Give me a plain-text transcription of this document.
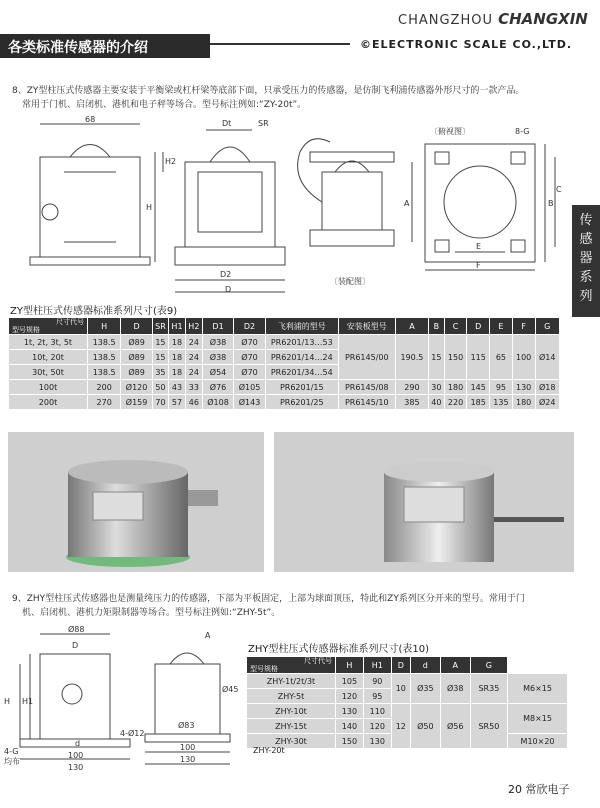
CHANGZHOU CHANGXIN
各类标准传感器的介绍	©ELECTRONIC SCALE CO.,LTD.
传
感
器
系
列
8、ZY型柱压式传感器主要安装于平衡梁或杠杆梁等底部下面，只承受压力的传感器，是仿制飞利浦传感器外形尺寸的一款产品。
常用于门机、启闭机、港机和电子秤等场合。型号标注例如:“ZY-20t”。
68	Dt	SR
H2
H
D2
D
〔俯视图〕	8-G
C
B
A
E
F
〔装配图〕
ZY型柱压式传感器标准系列尺寸(表9)
尺寸代号
型号规格	H	D	SR	H1	H2	D1	D2	飞利浦的型号	安装板型号	A	B	C	D	E	F	G
1t, 2t, 3t, 5t	138.5	Ø89	15	18	24	Ø38	Ø70	PR6201/13…53	PR6145/00	190.5	15	150	115	65	100	Ø14
10t, 20t	138.5	Ø89	15	18	24	Ø38	Ø70	PR6201/14…24								
30t, 50t	138.5	Ø89	35	18	24	Ø54	Ø70	PR6201/34…54								
100t	200	Ø120	50	43	33	Ø76	Ø105	PR6201/15	PR6145/08	290	30	180	145	95	130	Ø18
200t	270	Ø159	70	57	46	Ø108	Ø143	PR6201/25	PR6145/10	385	40	220	185	135	180	Ø24
9、ZHY型柱压式传感器也是测量纯压力的传感器，下部为平板固定，上部为球面顶压，特此和ZY系列区分开来的型号。常用于门
机、启闭机、港机力矩限制器等场合。型号标注例如:“ZHY-5t”。
Ø88
D
H H1
4-G
均布
4-Ø12
100
130
d
A
Ø45
Ø83
100
130
ZHY型柱压式传感器标准系列尺寸(表10)
尺寸代号
型号规格	H	H1	D	d	A	G	
ZHY-1t/2t/3t	105	90	10	Ø35	Ø38	SR35	M6×15
ZHY-5t	120	95					
ZHY-10t	130	110	12	Ø50	Ø56	SR50	M8×15
ZHY-15t	140	120					

ZHY-30t	150	130					M10×20
ZHY-20t
20 常欣电子
